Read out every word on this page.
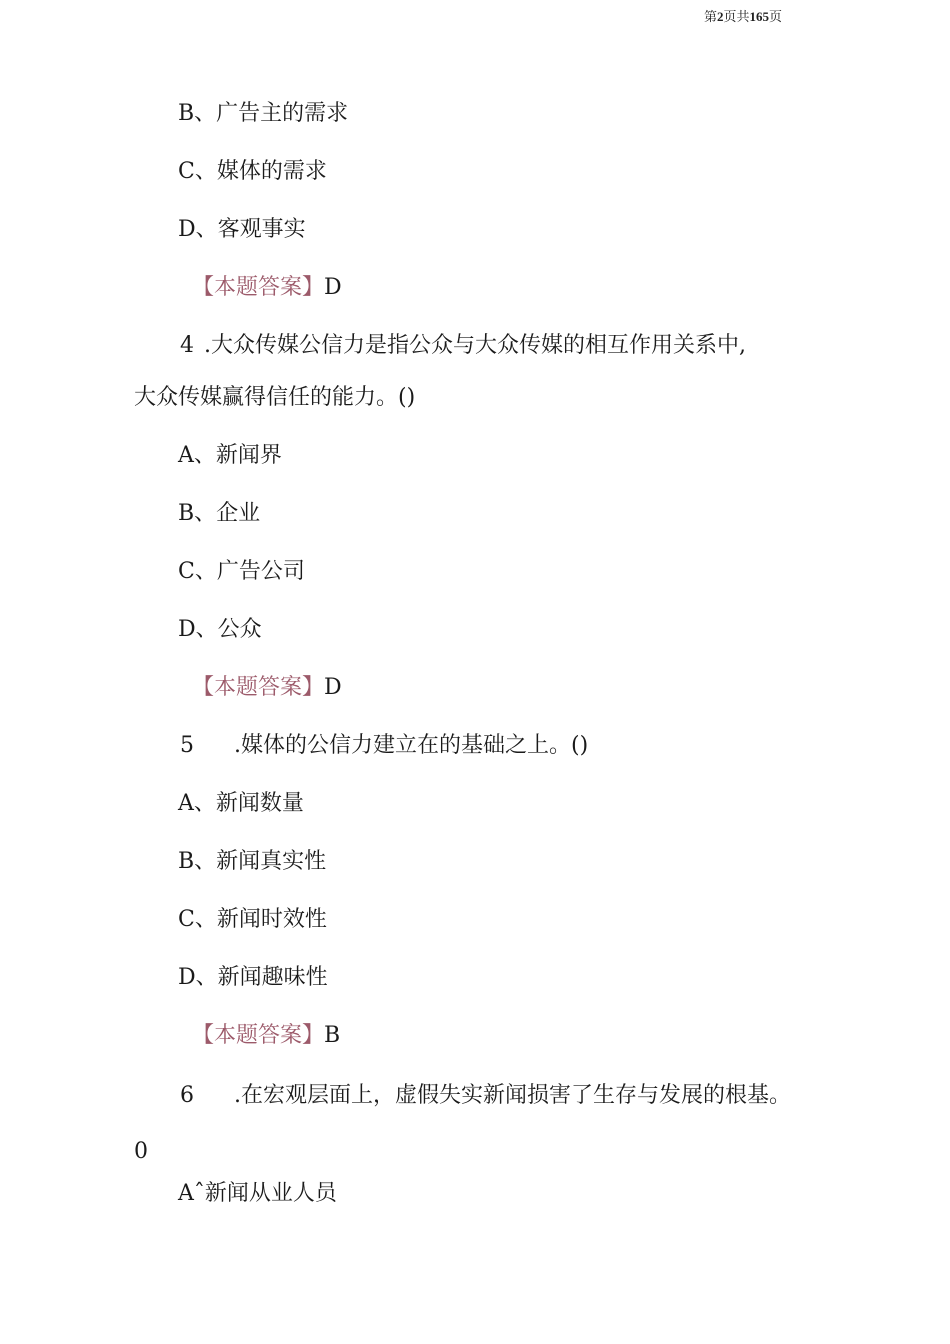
第2页共165页
B、广告主的需求
C、媒体的需求
D、客观事实
【本题答案】D
4 .大众传媒公信力是指公众与大众传媒的相互作用关系中,
大众传媒赢得信任的能力。()
A、新闻界
B、企业
C、广告公司
D、公众
【本题答案】D
5 .媒体的公信力建立在的基础之上。()
A、新闻数量
B、新闻真实性
C、新闻时效性
D、新闻趣味性
【本题答案】B
6 .在宏观层面上，虚假失实新闻损害了生存与发展的根基。
0
Aˆ新闻从业人员
